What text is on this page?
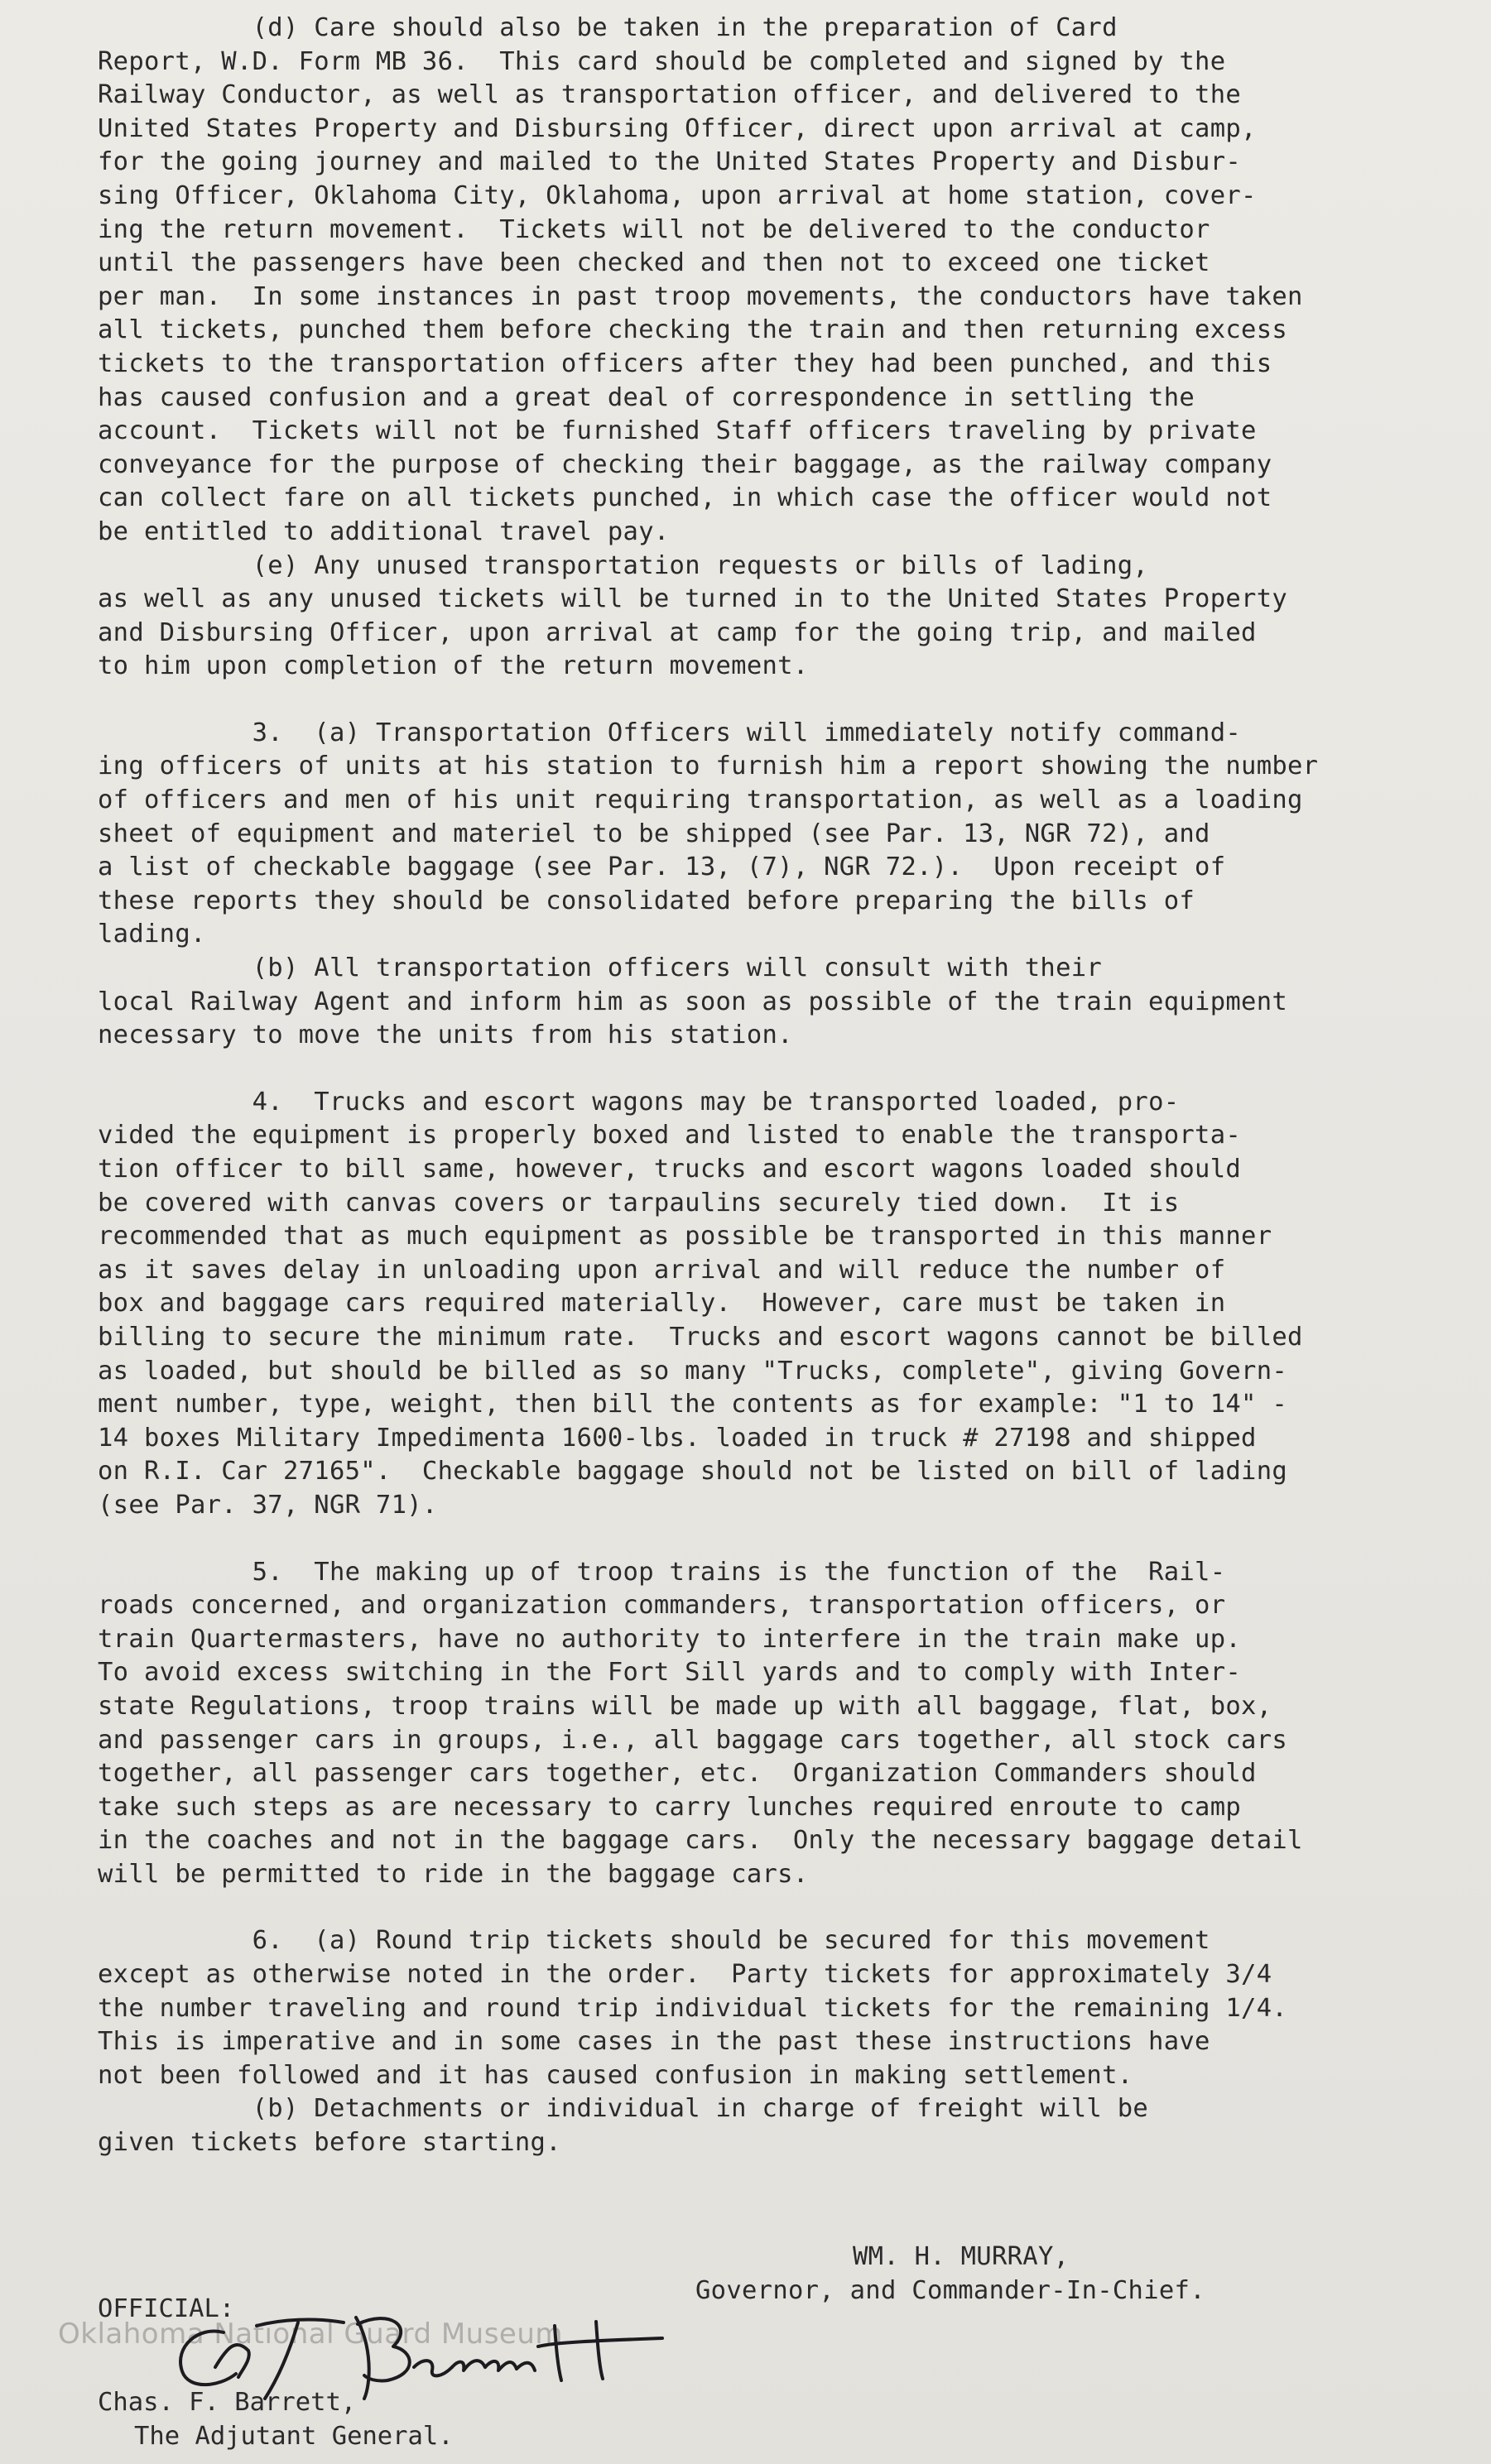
(d) Care should also be taken in the preparation of Card
Report, W.D. Form MB 36.  This card should be completed and signed by the
Railway Conductor, as well as transportation officer, and delivered to the
United States Property and Disbursing Officer, direct upon arrival at camp,
for the going journey and mailed to the United States Property and Disbur-
sing Officer, Oklahoma City, Oklahoma, upon arrival at home station, cover-
ing the return movement.  Tickets will not be delivered to the conductor
until the passengers have been checked and then not to exceed one ticket
per man.  In some instances in past troop movements, the conductors have taken
all tickets, punched them before checking the train and then returning excess
tickets to the transportation officers after they had been punched, and this
has caused confusion and a great deal of correspondence in settling the
account.  Tickets will not be furnished Staff officers traveling by private
conveyance for the purpose of checking their baggage, as the railway company
can collect fare on all tickets punched, in which case the officer would not
be entitled to additional travel pay.

(e) Any unused transportation requests or bills of lading,
as well as any unused tickets will be turned in to the United States Property
and Disbursing Officer, upon arrival at camp for the going trip, and mailed
to him upon completion of the return movement.

3.  (a) Transportation Officers will immediately notify command-
ing officers of units at his station to furnish him a report showing the number
of officers and men of his unit requiring transportation, as well as a loading
sheet of equipment and materiel to be shipped (see Par. 13, NGR 72), and
a list of checkable baggage (see Par. 13, (7), NGR 72.).  Upon receipt of
these reports they should be consolidated before preparing the bills of
lading.

(b) All transportation officers will consult with their
local Railway Agent and inform him as soon as possible of the train equipment
necessary to move the units from his station.

4.  Trucks and escort wagons may be transported loaded, pro-
vided the equipment is properly boxed and listed to enable the transporta-
tion officer to bill same, however, trucks and escort wagons loaded should
be covered with canvas covers or tarpaulins securely tied down.  It is
recommended that as much equipment as possible be transported in this manner
as it saves delay in unloading upon arrival and will reduce the number of
box and baggage cars required materially.  However, care must be taken in
billing to secure the minimum rate.  Trucks and escort wagons cannot be billed
as loaded, but should be billed as so many "Trucks, complete", giving Govern-
ment number, type, weight, then bill the contents as for example: "1 to 14" -
14 boxes Military Impedimenta 1600-lbs. loaded in truck # 27198 and shipped
on R.I. Car 27165".  Checkable baggage should not be listed on bill of lading
(see Par. 37, NGR 71).

5.  The making up of troop trains is the function of the  Rail-
roads concerned, and organization commanders, transportation officers, or
train Quartermasters, have no authority to interfere in the train make up.
To avoid excess switching in the Fort Sill yards and to comply with Inter-
state Regulations, troop trains will be made up with all baggage, flat, box,
and passenger cars in groups, i.e., all baggage cars together, all stock cars
together, all passenger cars together, etc.  Organization Commanders should
take such steps as are necessary to carry lunches required enroute to camp
in the coaches and not in the baggage cars.  Only the necessary baggage detail
will be permitted to ride in the baggage cars.

6.  (a) Round trip tickets should be secured for this movement
except as otherwise noted in the order.  Party tickets for approximately 3/4
the number traveling and round trip individual tickets for the remaining 1/4.
This is imperative and in some cases in the past these instructions have
not been followed and it has caused confusion in making settlement.

(b) Detachments or individual in charge of freight will be
given tickets before starting.

WM. H. MURRAY,
Governor, and Commander-In-Chief.
OFFICIAL:
Oklahoma National Guard Museum
Chas. F. Barrett,
The Adjutant General.
